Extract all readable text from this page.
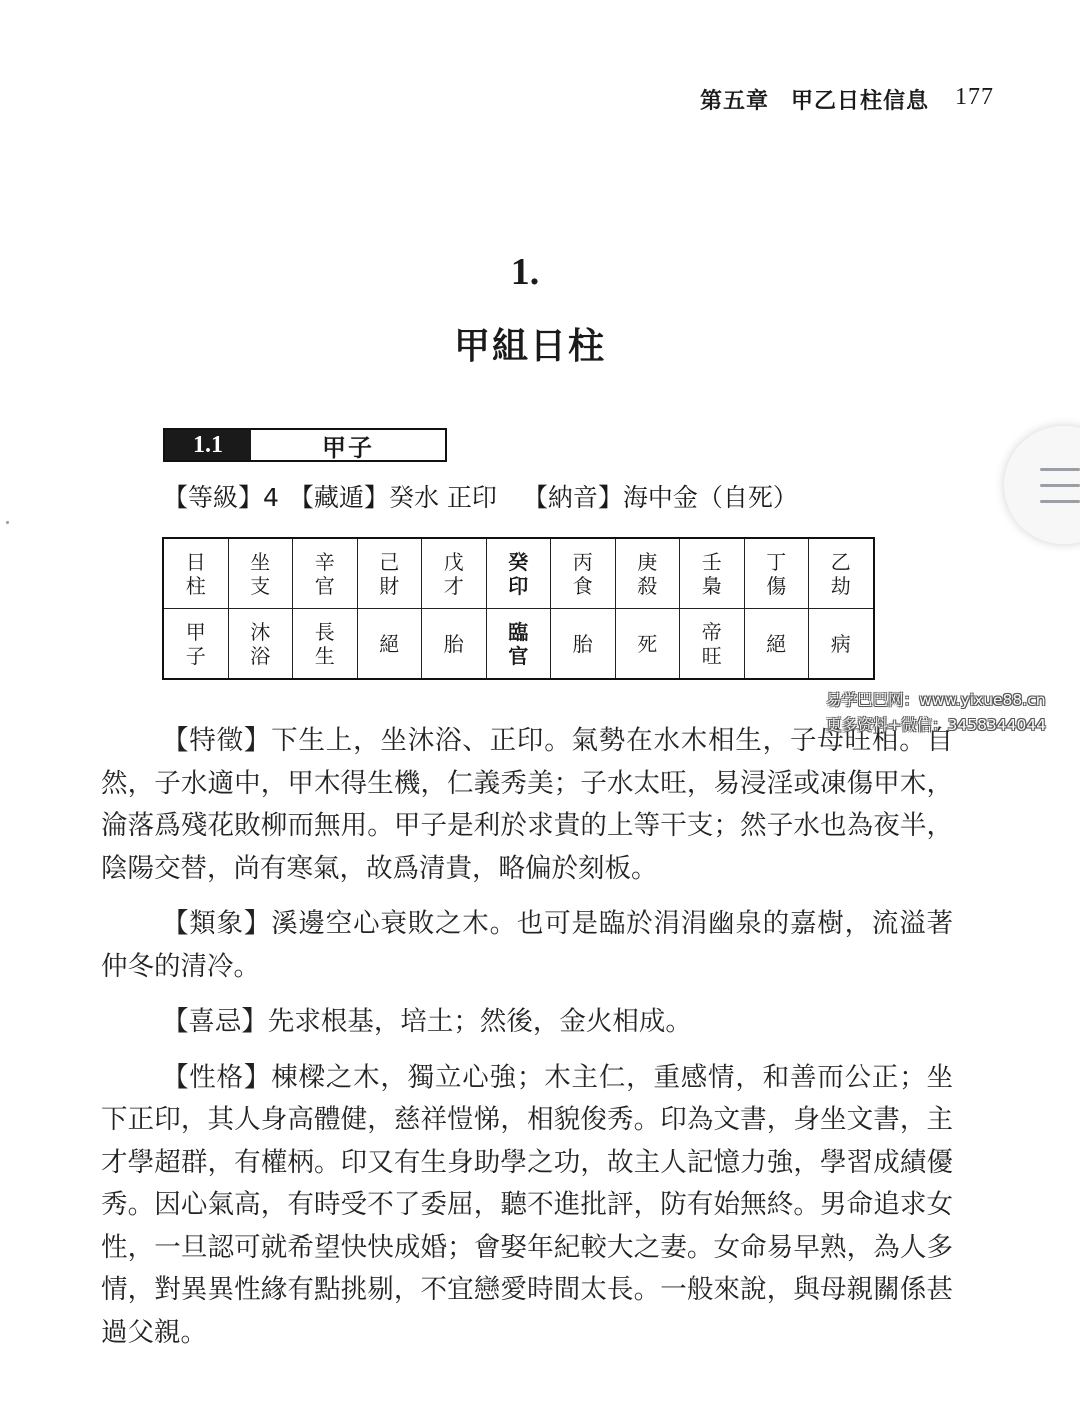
第五章 甲乙日柱信息 177
1.
甲組日柱
1.1	甲子
【等級】4 【藏遁】癸水 正印 【納音】海中金（自死）
日柱	坐支	辛官	己財	戊才	癸印	丙食	庚殺	壬梟	丁傷	乙劫
甲子	沐浴	長生	絕	胎	臨官	胎	死	帝旺	絕	病

【特徵】下生上，坐沐浴、正印。氣勢在水木相生，子母旺相。自然，子水適中，甲木得生機，仁義秀美；子水太旺，易浸淫或凍傷甲木，淪落爲殘花敗柳而無用。甲子是利於求貴的上等干支；然子水也為夜半，陰陽交替，尚有寒氣，故爲清貴，略偏於刻板。

【類象】溪邊空心衰敗之木。也可是臨於涓涓幽泉的嘉樹，流溢著仲冬的清冷。

【喜忌】先求根基，培土；然後，金火相成。

【性格】棟樑之木，獨立心強；木主仁，重感情，和善而公正；坐下正印，其人身高體健，慈祥愷悌，相貌俊秀。印為文書，身坐文書，主才學超群，有權柄。印又有生身助學之功，故主人記憶力強，學習成績優秀。因心氣高，有時受不了委屈，聽不進批評，防有始無終。男命追求女性，一旦認可就希望快快成婚；會娶年紀較大之妻。女命易早熟，為人多情，對異異性緣有點挑剔，不宜戀愛時間太長。一般來說，與母親關係甚過父親。

易学巴巴网：www.yixue88.cn
更多资料+微信：3458344044
